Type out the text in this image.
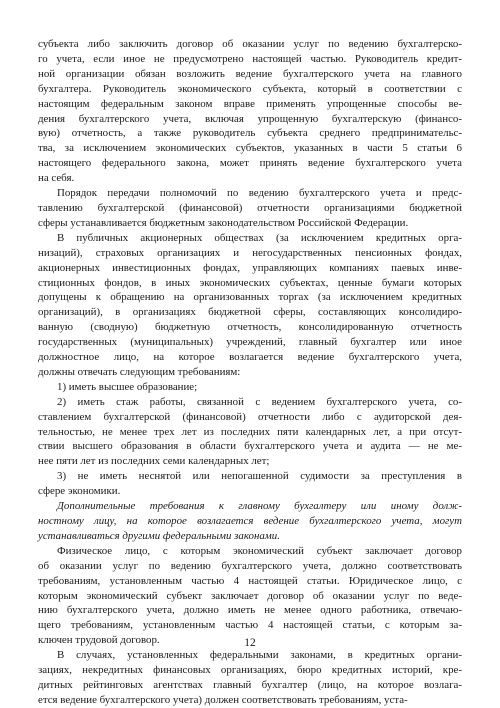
субъекта либо заключить договор об оказании услуг по ведению бухгалтерско-
го учета, если иное не предусмотрено настоящей частью. Руководитель кредит-
ной организации обязан возложить ведение бухгалтерского учета на главного
бухгалтера. Руководитель экономического субъекта, который в соответствии с
настоящим федеральным законом вправе применять упрощенные способы ве-
дения бухгалтерского учета, включая упрощенную бухгалтерскую (финансо-
вую) отчетность, а также руководитель субъекта среднего предпринимательс-
тва, за исключением экономических субъектов, указанных в части 5 статьи 6
настоящего федерального закона, может принять ведение бухгалтерского учета
на себя.

Порядок передачи полномочий по ведению бухгалтерского учета и предс-
тавлению бухгалтерской (финансовой) отчетности организациями бюджетной
сферы устанавливается бюджетным законодательством Российской Федерации.

В публичных акционерных обществах (за исключением кредитных орга-
низаций), страховых организациях и негосударственных пенсионных фондах,
акционерных инвестиционных фондах, управляющих компаниях паевых инве-
стиционных фондов, в иных экономических субъектах, ценные бумаги которых
допущены к обращению на организованных торгах (за исключением кредитных
организаций), в организациях бюджетной сферы, составляющих консолидиро-
ванную (сводную) бюджетную отчетность, консолидированную отчетность
государственных (муниципальных) учреждений, главный бухгалтер или иное
должностное лицо, на которое возлагается ведение бухгалтерского учета,
должны отвечать следующим требованиям:

1) иметь высшее образование;

2) иметь стаж работы, связанной с ведением бухгалтерского учета, со-
ставлением бухгалтерской (финансовой) отчетности либо с аудиторской дея-
тельностью, не менее трех лет из последних пяти календарных лет, а при отсут-
ствии высшего образования в области бухгалтерского учета и аудита — не ме-
нее пяти лет из последних семи календарных лет;

3) не иметь неснятой или непогашенной судимости за преступления в
сфере экономики.

Дополнительные требования к главному бухгалтеру или иному долж-
ностному лицу, на которое возлагается ведение бухгалтерского учета, могут
устанавливаться другими федеральными законами.

Физическое лицо, с которым экономический субъект заключает договор
об оказании услуг по ведению бухгалтерского учета, должно соответствовать
требованиям, установленным частью 4 настоящей статьи. Юридическое лицо, с
которым экономический субъект заключает договор об оказании услуг по веде-
нию бухгалтерского учета, должно иметь не менее одного работника, отвечаю-
щего требованиям, установленным частью 4 настоящей статьи, с которым за-
ключен трудовой договор.

В случаях, установленных федеральными законами, в кредитных органи-
зациях, некредитных финансовых организациях, бюро кредитных историй, кре-
дитных рейтинговых агентствах главный бухгалтер (лицо, на которое возлага-
ется ведение бухгалтерского учета) должен соответствовать требованиям, уста-

12
